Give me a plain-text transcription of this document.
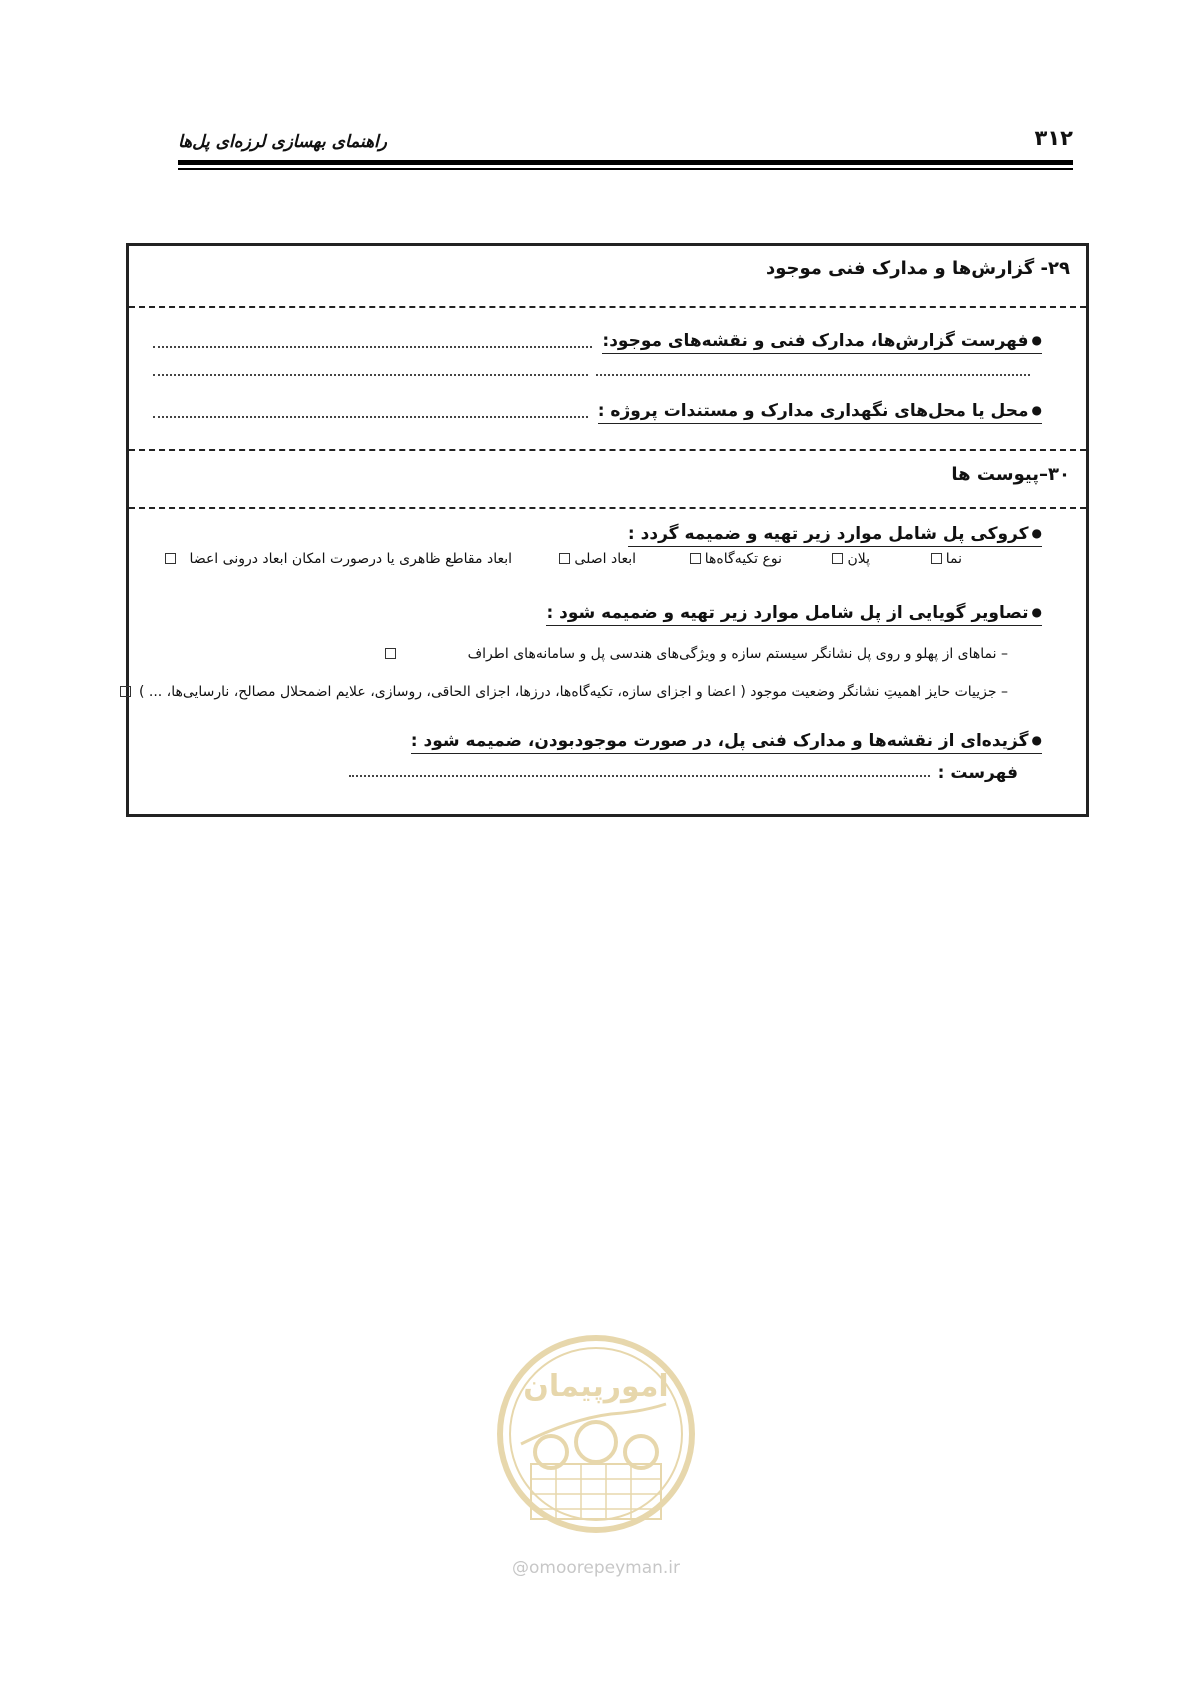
۳۱۲
راهنمای بهسازی لرزه‌ای پل‌ها
۲۹- گزارش‌ها و مدارک فنی موجود
● فهرست گزارش‌ها، مدارک فنی و نقشه‌های موجود:
● محل یا محل‌های نگهداری مدارک و مستندات پروژه :
۳۰–پیوست ها
● کروکی پل شامل موارد زیر تهیه و ضمیمه گردد :
نما
پلان
نوع تکیه‌گاه‌ها
ابعاد اصلی
ابعاد مقاطع ظاهری یا درصورت امکان ابعاد درونی اعضا
● تصاویر گویایی از پل شامل موارد زیر تهیه و ضمیمه شود :
– نماهای از پهلو و روی پل نشانگر سیستم سازه و ویژگی‌های هندسی پل و سامانه‌های اطراف
– جزییات حایز اهمیتِ نشانگر وضعیت موجود ( اعضا و اجزای سازه، تکیه‌گاه‌ها، درزها، اجزای الحاقی، روسازی، علایم اضمحلال مصالح، نارسایی‌ها، ... )
● گزیده‌ای از نقشه‌ها و مدارک فنی پل، در صورت موجودبودن، ضمیمه شود :
فهرست :
امورپیمان
@omoorepeyman.ir
